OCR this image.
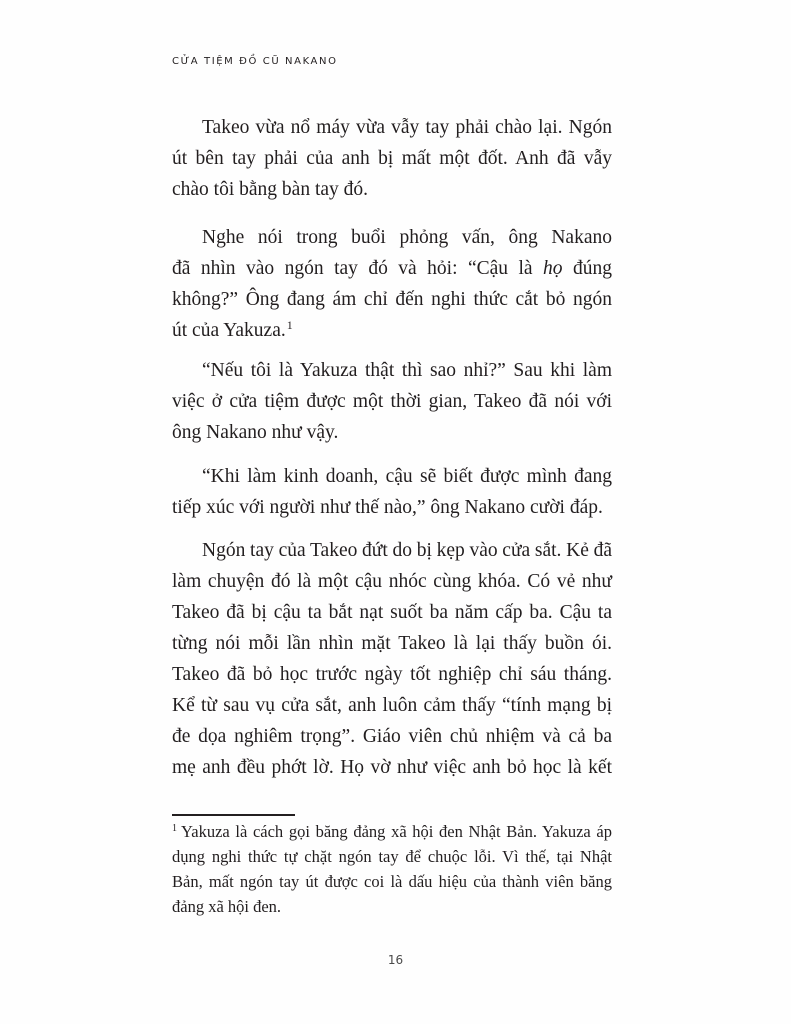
CỬA TIỆM ĐỒ CŨ NAKANO
Takeo vừa nổ máy vừa vẫy tay phải chào lại. Ngón
út bên tay phải của anh bị mất một đốt. Anh đã vẫy
chào tôi bằng bàn tay đó.
Nghe nói trong buổi phỏng vấn, ông Nakano
đã nhìn vào ngón tay đó và hỏi: “Cậu là họ đúng
không?” Ông đang ám chỉ đến nghi thức cắt bỏ ngón
út của Yakuza.$^1$
“Nếu tôi là Yakuza thật thì sao nhỉ?” Sau khi làm
việc ở cửa tiệm được một thời gian, Takeo đã nói với
ông Nakano như vậy.
“Khi làm kinh doanh, cậu sẽ biết được mình đang
tiếp xúc với người như thế nào,” ông Nakano cười đáp.
Ngón tay của Takeo đứt do bị kẹp vào cửa sắt. Kẻ đã
làm chuyện đó là một cậu nhóc cùng khóa. Có vẻ như
Takeo đã bị cậu ta bắt nạt suốt ba năm cấp ba. Cậu ta
từng nói mỗi lần nhìn mặt Takeo là lại thấy buồn ói.
Takeo đã bỏ học trước ngày tốt nghiệp chỉ sáu tháng.
Kể từ sau vụ cửa sắt, anh luôn cảm thấy “tính mạng bị
đe dọa nghiêm trọng”. Giáo viên chủ nhiệm và cả ba
mẹ anh đều phớt lờ. Họ vờ như việc anh bỏ học là kết
$^1$ Yakuza là cách gọi băng đảng xã hội đen Nhật Bản. Yakuza áp
dụng nghi thức tự chặt ngón tay để chuộc lỗi. Vì thế, tại Nhật
Bản, mất ngón tay út được coi là dấu hiệu của thành viên băng
đảng xã hội đen.
16
